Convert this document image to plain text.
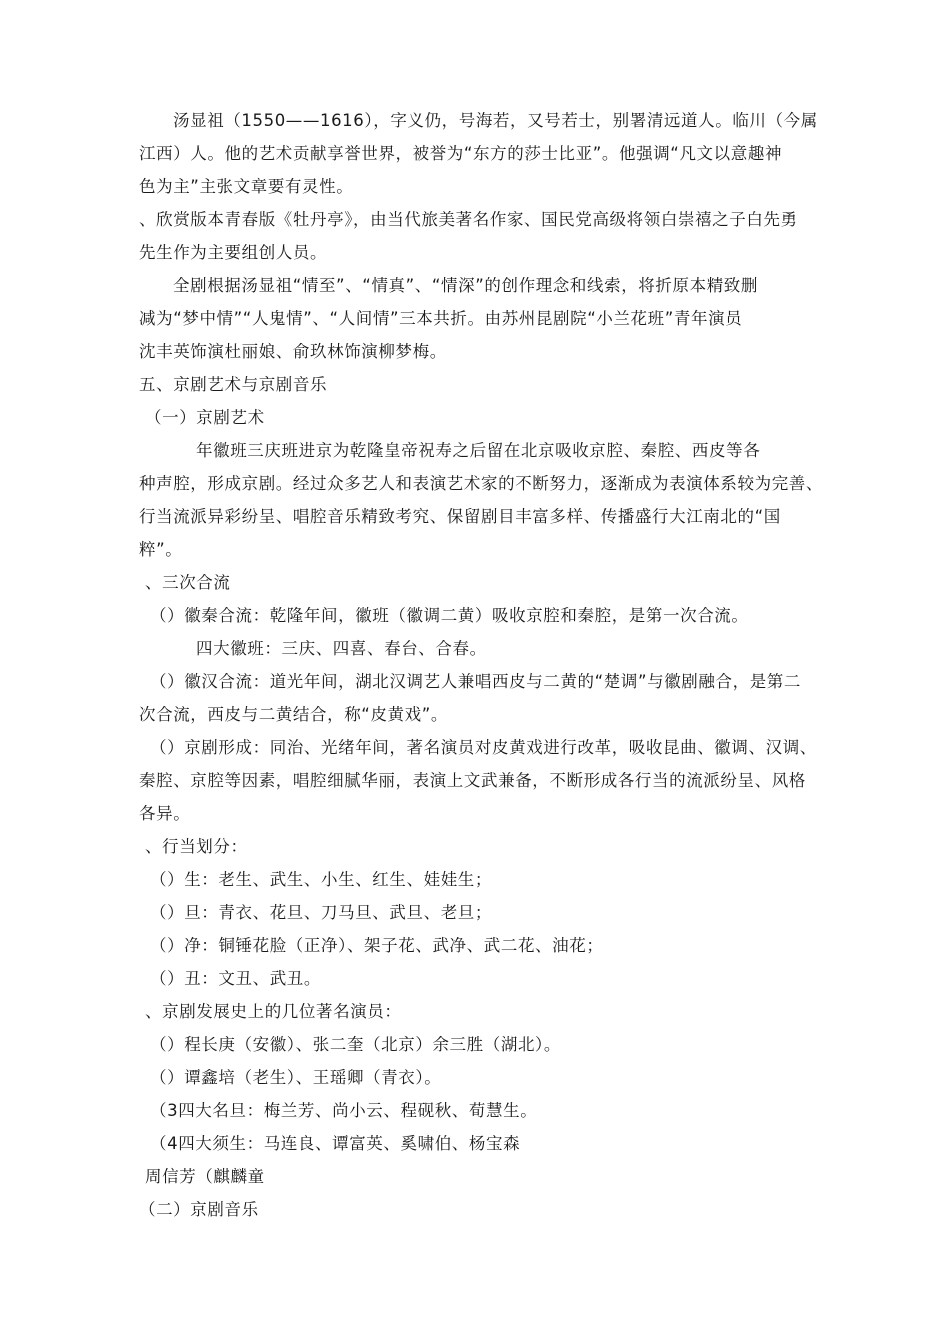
汤显祖（1550——1616），字义仍，号海若，又号若士，别署清远道人。临川（今属
江西）人。他的艺术贡献享誉世界，被誉为“东方的莎士比亚”。他强调“凡文以意趣神
色为主”主张文章要有灵性。
、欣赏版本青春版《牡丹亭》，由当代旅美著名作家、国民党高级将领白崇禧之子白先勇
先生作为主要组创人员。
全剧根据汤显祖“情至”、“情真”、“情深”的创作理念和线索，将折原本精致删
减为“梦中情”“人鬼情”、“人间情”三本共折。由苏州昆剧院“小兰花班”青年演员
沈丰英饰演杜丽娘、俞玖林饰演柳梦梅。
五、京剧艺术与京剧音乐
（一）京剧艺术
年徽班三庆班进京为乾隆皇帝祝寿之后留在北京吸收京腔、秦腔、西皮等各
种声腔，形成京剧。经过众多艺人和表演艺术家的不断努力，逐渐成为表演体系较为完善、
行当流派异彩纷呈、唱腔音乐精致考究、保留剧目丰富多样、传播盛行大江南北的“国
粹”。
、三次合流
（）徽秦合流：乾隆年间，徽班（徽调二黄）吸收京腔和秦腔，是第一次合流。
四大徽班：三庆、四喜、春台、合春。
（）徽汉合流：道光年间，湖北汉调艺人兼唱西皮与二黄的“楚调”与徽剧融合，是第二
次合流，西皮与二黄结合，称“皮黄戏”。
（）京剧形成：同治、光绪年间，著名演员对皮黄戏进行改革，吸收昆曲、徽调、汉调、
秦腔、京腔等因素，唱腔细腻华丽，表演上文武兼备，不断形成各行当的流派纷呈、风格
各异。
、行当划分：
（）生：老生、武生、小生、红生、娃娃生；
（）旦：青衣、花旦、刀马旦、武旦、老旦；
（）净：铜锤花脸（正净）、架子花、武净、武二花、油花；
（）丑：文丑、武丑。
、京剧发展史上的几位著名演员：
（）程长庚（安徽）、张二奎（北京）余三胜（湖北）。
（）谭鑫培（老生）、王瑶卿（青衣）。
（3四大名旦：梅兰芳、尚小云、程砚秋、荀慧生。
（4四大须生：马连良、谭富英、奚啸伯、杨宝森
周信芳（麒麟童
（二）京剧音乐
